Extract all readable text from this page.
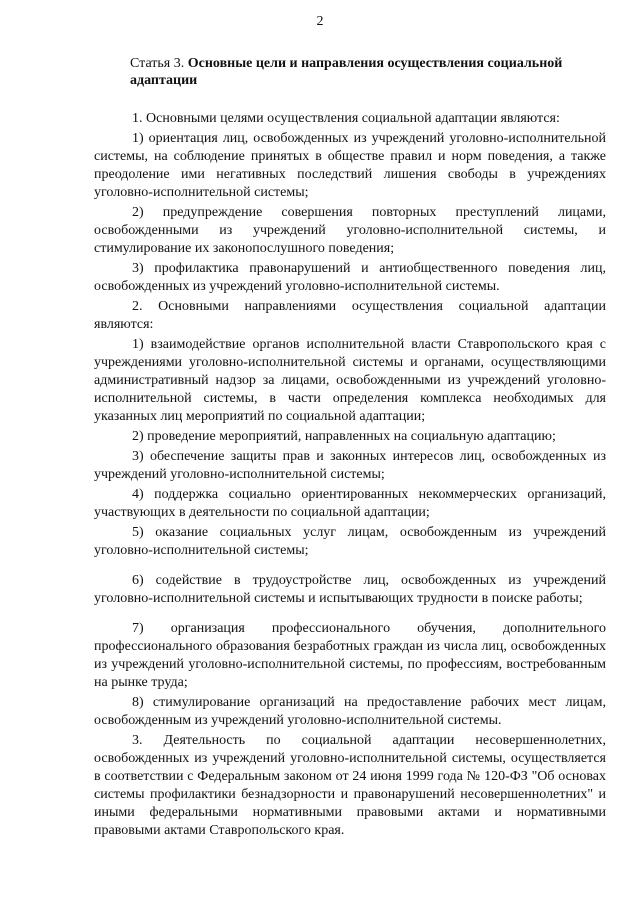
2
Статья 3. Основные цели и направления осуществления социальной адаптации

1. Основными целями осуществления социальной адаптации являются:

1) ориентация лиц, освобожденных из учреждений уголовно-исполнительной системы, на соблюдение принятых в обществе правил и норм поведения, а также преодоление ими негативных последствий лишения свободы в учреждениях уголовно-исполнительной системы;

2) предупреждение совершения повторных преступлений лицами, освобожденными из учреждений уголовно-исполнительной системы, и стимулирование их законопослушного поведения;

3) профилактика правонарушений и антиобщественного поведения лиц, освобожденных из учреждений уголовно-исполнительной системы.

2. Основными направлениями осуществления социальной адаптации являются:

1) взаимодействие органов исполнительной власти Ставропольского края с учреждениями уголовно-исполнительной системы и органами, осуществляющими административный надзор за лицами, освобожденными из учреждений уголовно-исполнительной системы, в части определения комплекса необходимых для указанных лиц мероприятий по социальной адаптации;

2) проведение мероприятий, направленных на социальную адаптацию;

3) обеспечение защиты прав и законных интересов лиц, освобожденных из учреждений уголовно-исполнительной системы;

4) поддержка социально ориентированных некоммерческих организаций, участвующих в деятельности по социальной адаптации;

5) оказание социальных услуг лицам, освобожденным из учреждений уголовно-исполнительной системы;

6) содействие в трудоустройстве лиц, освобожденных из учреждений уголовно-исполнительной системы и испытывающих трудности в поиске работы;

7) организация профессионального обучения, дополнительного профессионального образования безработных граждан из числа лиц, освобожденных из учреждений уголовно-исполнительной системы, по профессиям, востребованным на рынке труда;

8) стимулирование организаций на предоставление рабочих мест лицам, освобожденным из учреждений уголовно-исполнительной системы.

3. Деятельность по социальной адаптации несовершеннолетних, освобожденных из учреждений уголовно-исполнительной системы, осуществляется в соответствии с Федеральным законом от 24 июня 1999 года № 120-ФЗ "Об основах системы профилактики безнадзорности и правонарушений несовершеннолетних" и иными федеральными нормативными правовыми актами и нормативными правовыми актами Ставропольского края.
